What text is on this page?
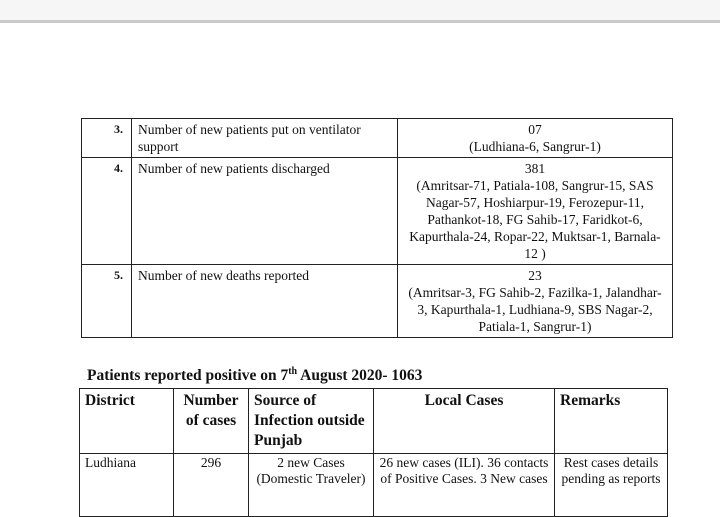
3.	Number of new patients put on ventilator support	07
(Ludhiana-6, Sangrur-1)

4.	Number of new patients discharged	381
(Amritsar-71, Patiala-108, Sangrur-15, SAS Nagar-57, Hoshiarpur-19, Ferozepur-11, Pathankot-18, FG Sahib-17, Faridkot-6, Kapurthala-24, Ropar-22, Muktsar-1, Barnala-12 )

5.	Number of new deaths reported	23
(Amritsar-3, FG Sahib-2, Fazilka-1, Jalandhar-3, Kapurthala-1, Ludhiana-9, SBS Nagar-2, Patiala-1, Sangrur-1)
Patients reported positive on 7th August 2020- 1063
District	Number of cases	Source of Infection outside Punjab	Local Cases	Remarks
Ludhiana	296	2 new Cases (Domestic Traveler)	26 new cases (ILI). 36 contacts of Positive Cases. 3 New cases	Rest cases details pending as reports
